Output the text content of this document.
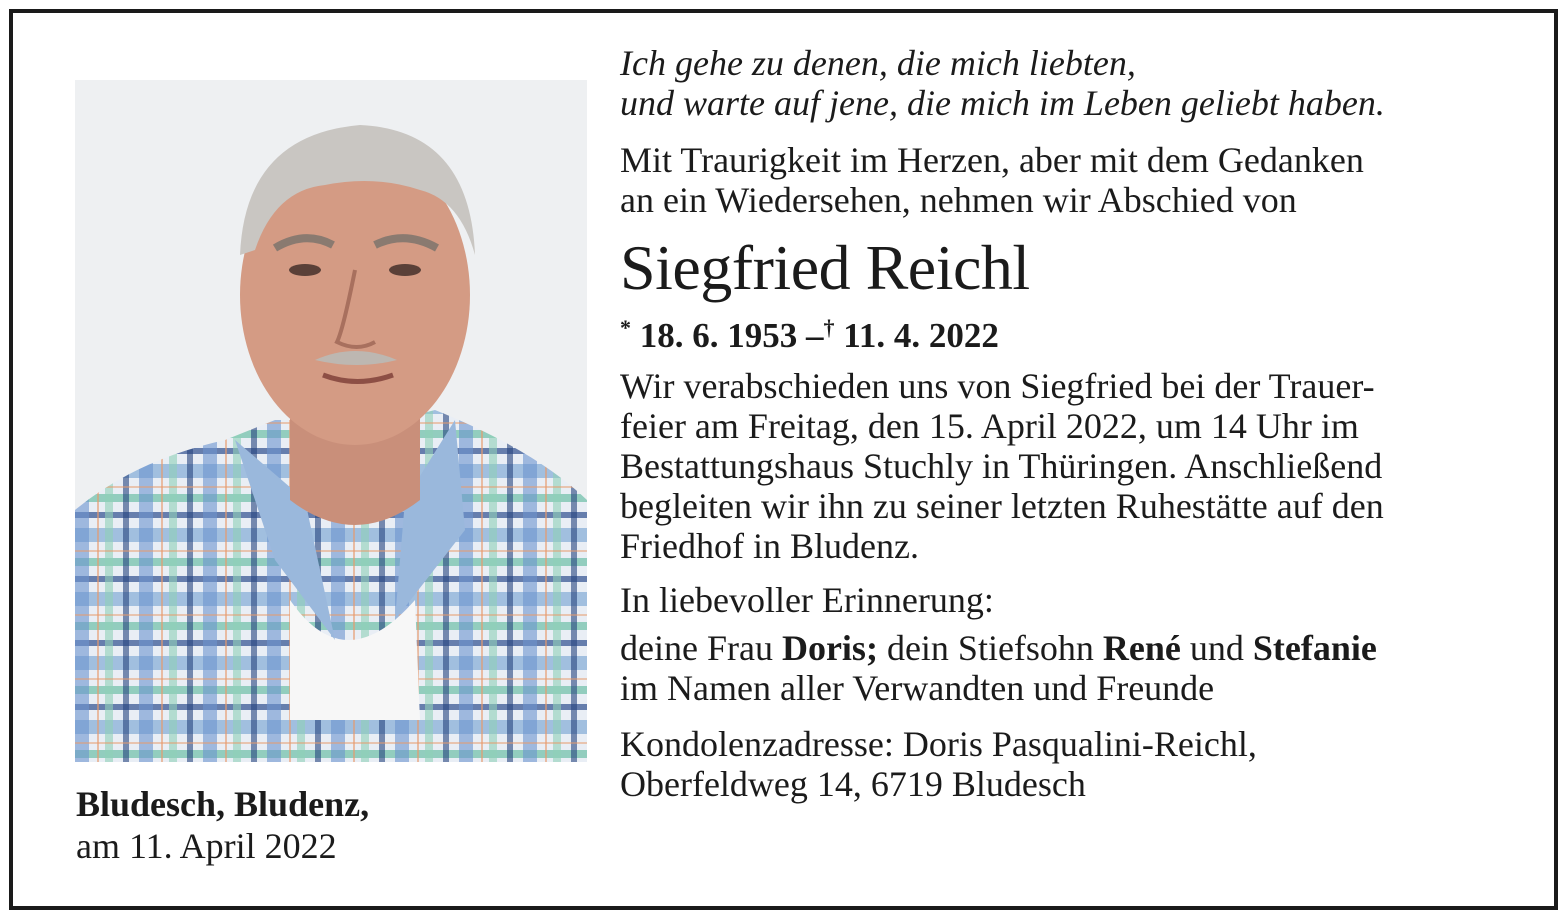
Bludesch, Bludenz,
am 11. April 2022

Ich gehe zu denen, die mich liebten,
und warte auf jene, die mich im Leben geliebt haben.

Mit Traurigkeit im Herzen, aber mit dem Gedanken
an ein Wiedersehen, nehmen wir Abschied von

Siegfried Reichl
* 18. 6. 1953 –† 11. 4. 2022

Wir verabschieden uns von Siegfried bei der Trauer-
feier am Freitag, den 15. April 2022, um 14 Uhr im
Bestattungshaus Stuchly in Thüringen. Anschließend
begleiten wir ihn zu seiner letzten Ruhestätte auf den
Friedhof in Bludenz.

In liebevoller Erinnerung:

deine Frau Doris; dein Stiefsohn René und Stefanie
im Namen aller Verwandten und Freunde

Kondolenzadresse: Doris Pasqualini-Reichl,
Oberfeldweg 14, 6719 Bludesch
